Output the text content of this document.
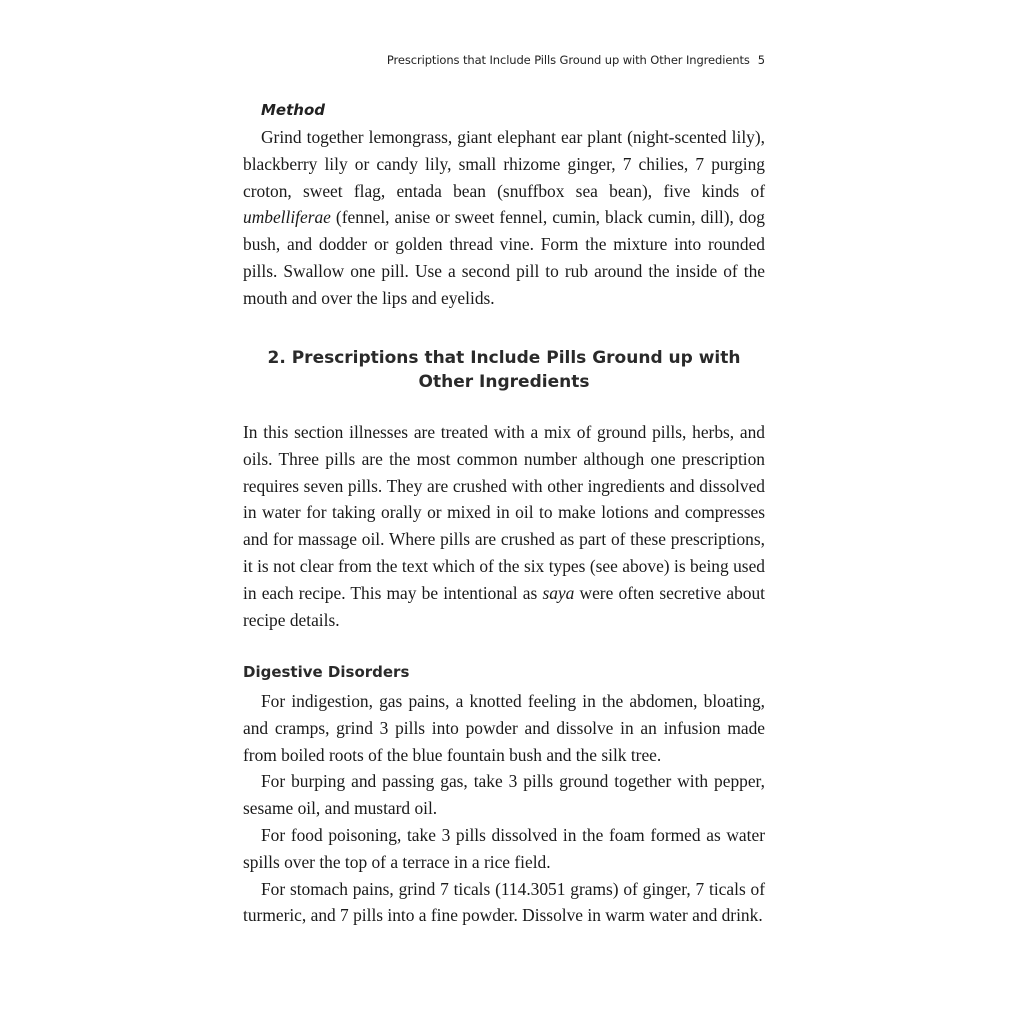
Prescriptions that Include Pills Ground up with Other Ingredients 5
Method

Grind together lemongrass, giant elephant ear plant (night-scented lily), blackberry lily or candy lily, small rhizome ginger, 7 chilies, 7 purging croton, sweet flag, entada bean (snuffbox sea bean), five kinds of umbelliferae (fennel, anise or sweet fennel, cumin, black cumin, dill), dog bush, and dodder or golden thread vine. Form the mixture into rounded pills. Swallow one pill. Use a second pill to rub around the inside of the mouth and over the lips and eyelids.

2. Prescriptions that Include Pills Ground up with Other Ingredients

In this section illnesses are treated with a mix of ground pills, herbs, and oils. Three pills are the most common number although one prescription requires seven pills. They are crushed with other ingredients and dissolved in water for taking orally or mixed in oil to make lotions and compresses and for massage oil. Where pills are crushed as part of these prescriptions, it is not clear from the text which of the six types (see above) is being used in each recipe. This may be intentional as saya were often secretive about recipe details.

Digestive Disorders

For indigestion, gas pains, a knotted feeling in the abdomen, bloating, and cramps, grind 3 pills into powder and dissolve in an infusion made from boiled roots of the blue fountain bush and the silk tree.

For burping and passing gas, take 3 pills ground together with pepper, sesame oil, and mustard oil.

For food poisoning, take 3 pills dissolved in the foam formed as water spills over the top of a terrace in a rice field.

For stomach pains, grind 7 ticals (114.3051 grams) of ginger, 7 ticals of turmeric, and 7 pills into a fine powder. Dissolve in warm water and drink.
